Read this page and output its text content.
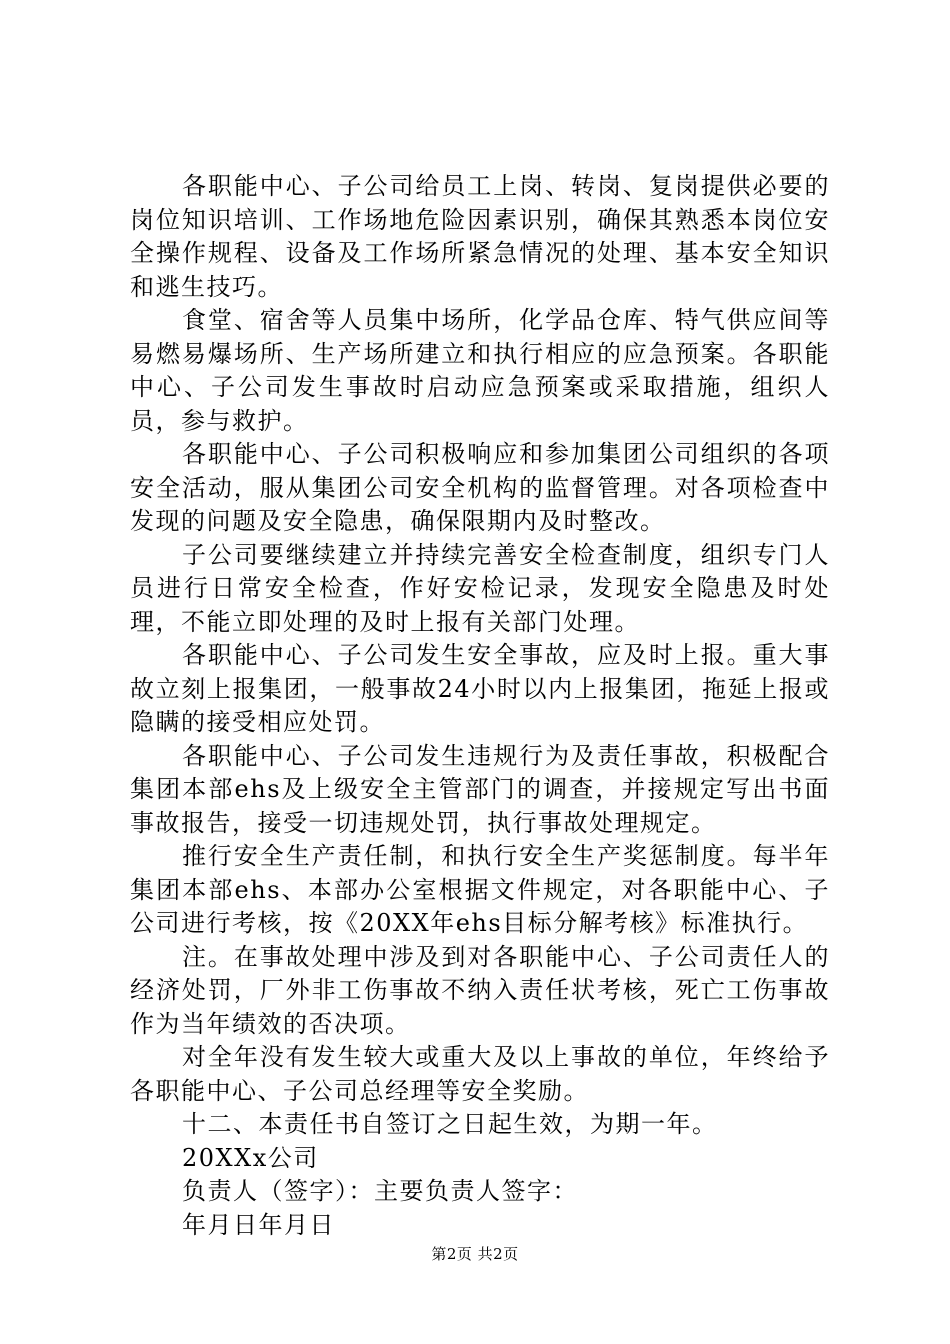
各职能中心、子公司给员工上岗、转岗、复岗提供必要的岗位知识培训、工作场地危险因素识别，确保其熟悉本岗位安全操作规程、设备及工作场所紧急情况的处理、基本安全知识和逃生技巧。

食堂、宿舍等人员集中场所，化学品仓库、特气供应间等易燃易爆场所、生产场所建立和执行相应的应急预案。各职能中心、子公司发生事故时启动应急预案或采取措施，组织人员，参与救护。

各职能中心、子公司积极响应和参加集团公司组织的各项安全活动，服从集团公司安全机构的监督管理。对各项检查中发现的问题及安全隐患，确保限期内及时整改。

子公司要继续建立并持续完善安全检查制度，组织专门人员进行日常安全检查，作好安检记录，发现安全隐患及时处理，不能立即处理的及时上报有关部门处理。

各职能中心、子公司发生安全事故，应及时上报。重大事故立刻上报集团，一般事故24小时以内上报集团，拖延上报或隐瞒的接受相应处罚。

各职能中心、子公司发生违规行为及责任事故，积极配合集团本部ehs及上级安全主管部门的调查，并接规定写出书面事故报告，接受一切违规处罚，执行事故处理规定。

推行安全生产责任制，和执行安全生产奖惩制度。每半年集团本部ehs、本部办公室根据文件规定，对各职能中心、子公司进行考核，按《20XX年ehs目标分解考核》标准执行。

注。在事故处理中涉及到对各职能中心、子公司责任人的经济处罚，厂外非工伤事故不纳入责任状考核，死亡工伤事故作为当年绩效的否决项。

对全年没有发生较大或重大及以上事故的单位，年终给予各职能中心、子公司总经理等安全奖励。

十二、本责任书自签订之日起生效，为期一年。

20XXx公司

负责人（签字）：主要负责人签字：

年月日年月日

第2页 共2页
